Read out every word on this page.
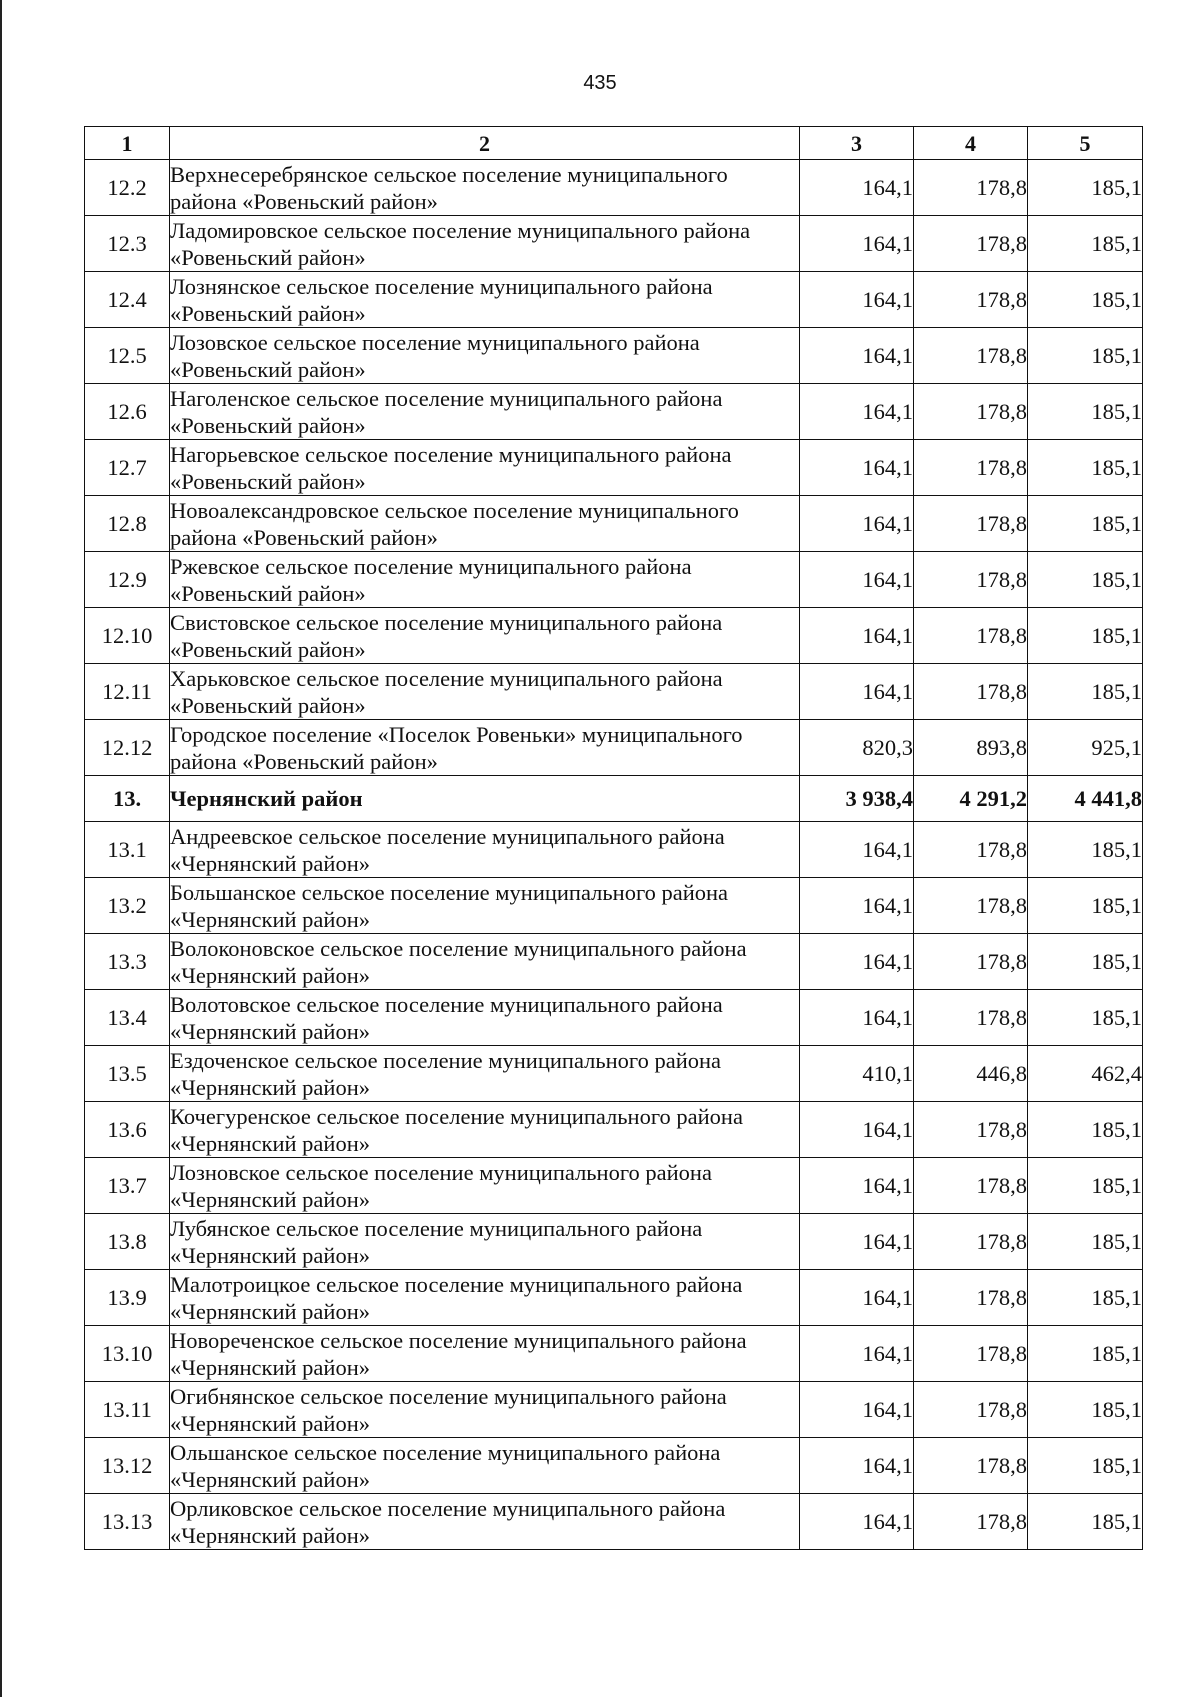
435
1	2	3	4	5
12.2	Верхнесеребрянское сельское поселение муниципального района «Ровеньский район»	164,1	178,8	185,1
12.3	Ладомировское сельское поселение муниципального района «Ровеньский район»	164,1	178,8	185,1
12.4	Лознянское сельское поселение муниципального района «Ровеньский район»	164,1	178,8	185,1
12.5	Лозовское сельское поселение муниципального района «Ровеньский район»	164,1	178,8	185,1
12.6	Наголенское сельское поселение муниципального района «Ровеньский район»	164,1	178,8	185,1
12.7	Нагорьевское сельское поселение муниципального района «Ровеньский район»	164,1	178,8	185,1
12.8	Новоалександровское сельское поселение муниципального района «Ровеньский район»	164,1	178,8	185,1
12.9	Ржевское сельское поселение муниципального района «Ровеньский район»	164,1	178,8	185,1
12.10	Свистовское сельское поселение муниципального района «Ровеньский район»	164,1	178,8	185,1
12.11	Харьковское сельское поселение муниципального района «Ровеньский район»	164,1	178,8	185,1
12.12	Городское поселение «Поселок Ровеньки» муниципального района «Ровеньский район»	820,3	893,8	925,1
13.	Чернянский район	3 938,4	4 291,2	4 441,8
13.1	Андреевское сельское поселение муниципального района «Чернянский район»	164,1	178,8	185,1
13.2	Большанское сельское поселение муниципального района «Чернянский район»	164,1	178,8	185,1
13.3	Волоконовское сельское поселение муниципального района «Чернянский район»	164,1	178,8	185,1
13.4	Волотовское сельское поселение муниципального района «Чернянский район»	164,1	178,8	185,1
13.5	Ездоченское сельское поселение муниципального района «Чернянский район»	410,1	446,8	462,4
13.6	Кочегуренское сельское поселение муниципального района «Чернянский район»	164,1	178,8	185,1
13.7	Лозновское сельское поселение муниципального района «Чернянский район»	164,1	178,8	185,1
13.8	Лубянское сельское поселение муниципального района «Чернянский район»	164,1	178,8	185,1
13.9	Малотроицкое сельское поселение муниципального района «Чернянский район»	164,1	178,8	185,1
13.10	Новореченское сельское поселение муниципального района «Чернянский район»	164,1	178,8	185,1
13.11	Огибнянское сельское поселение муниципального района «Чернянский район»	164,1	178,8	185,1
13.12	Ольшанское сельское поселение муниципального района «Чернянский район»	164,1	178,8	185,1
13.13	Орликовское сельское поселение муниципального района «Чернянский район»	164,1	178,8	185,1
